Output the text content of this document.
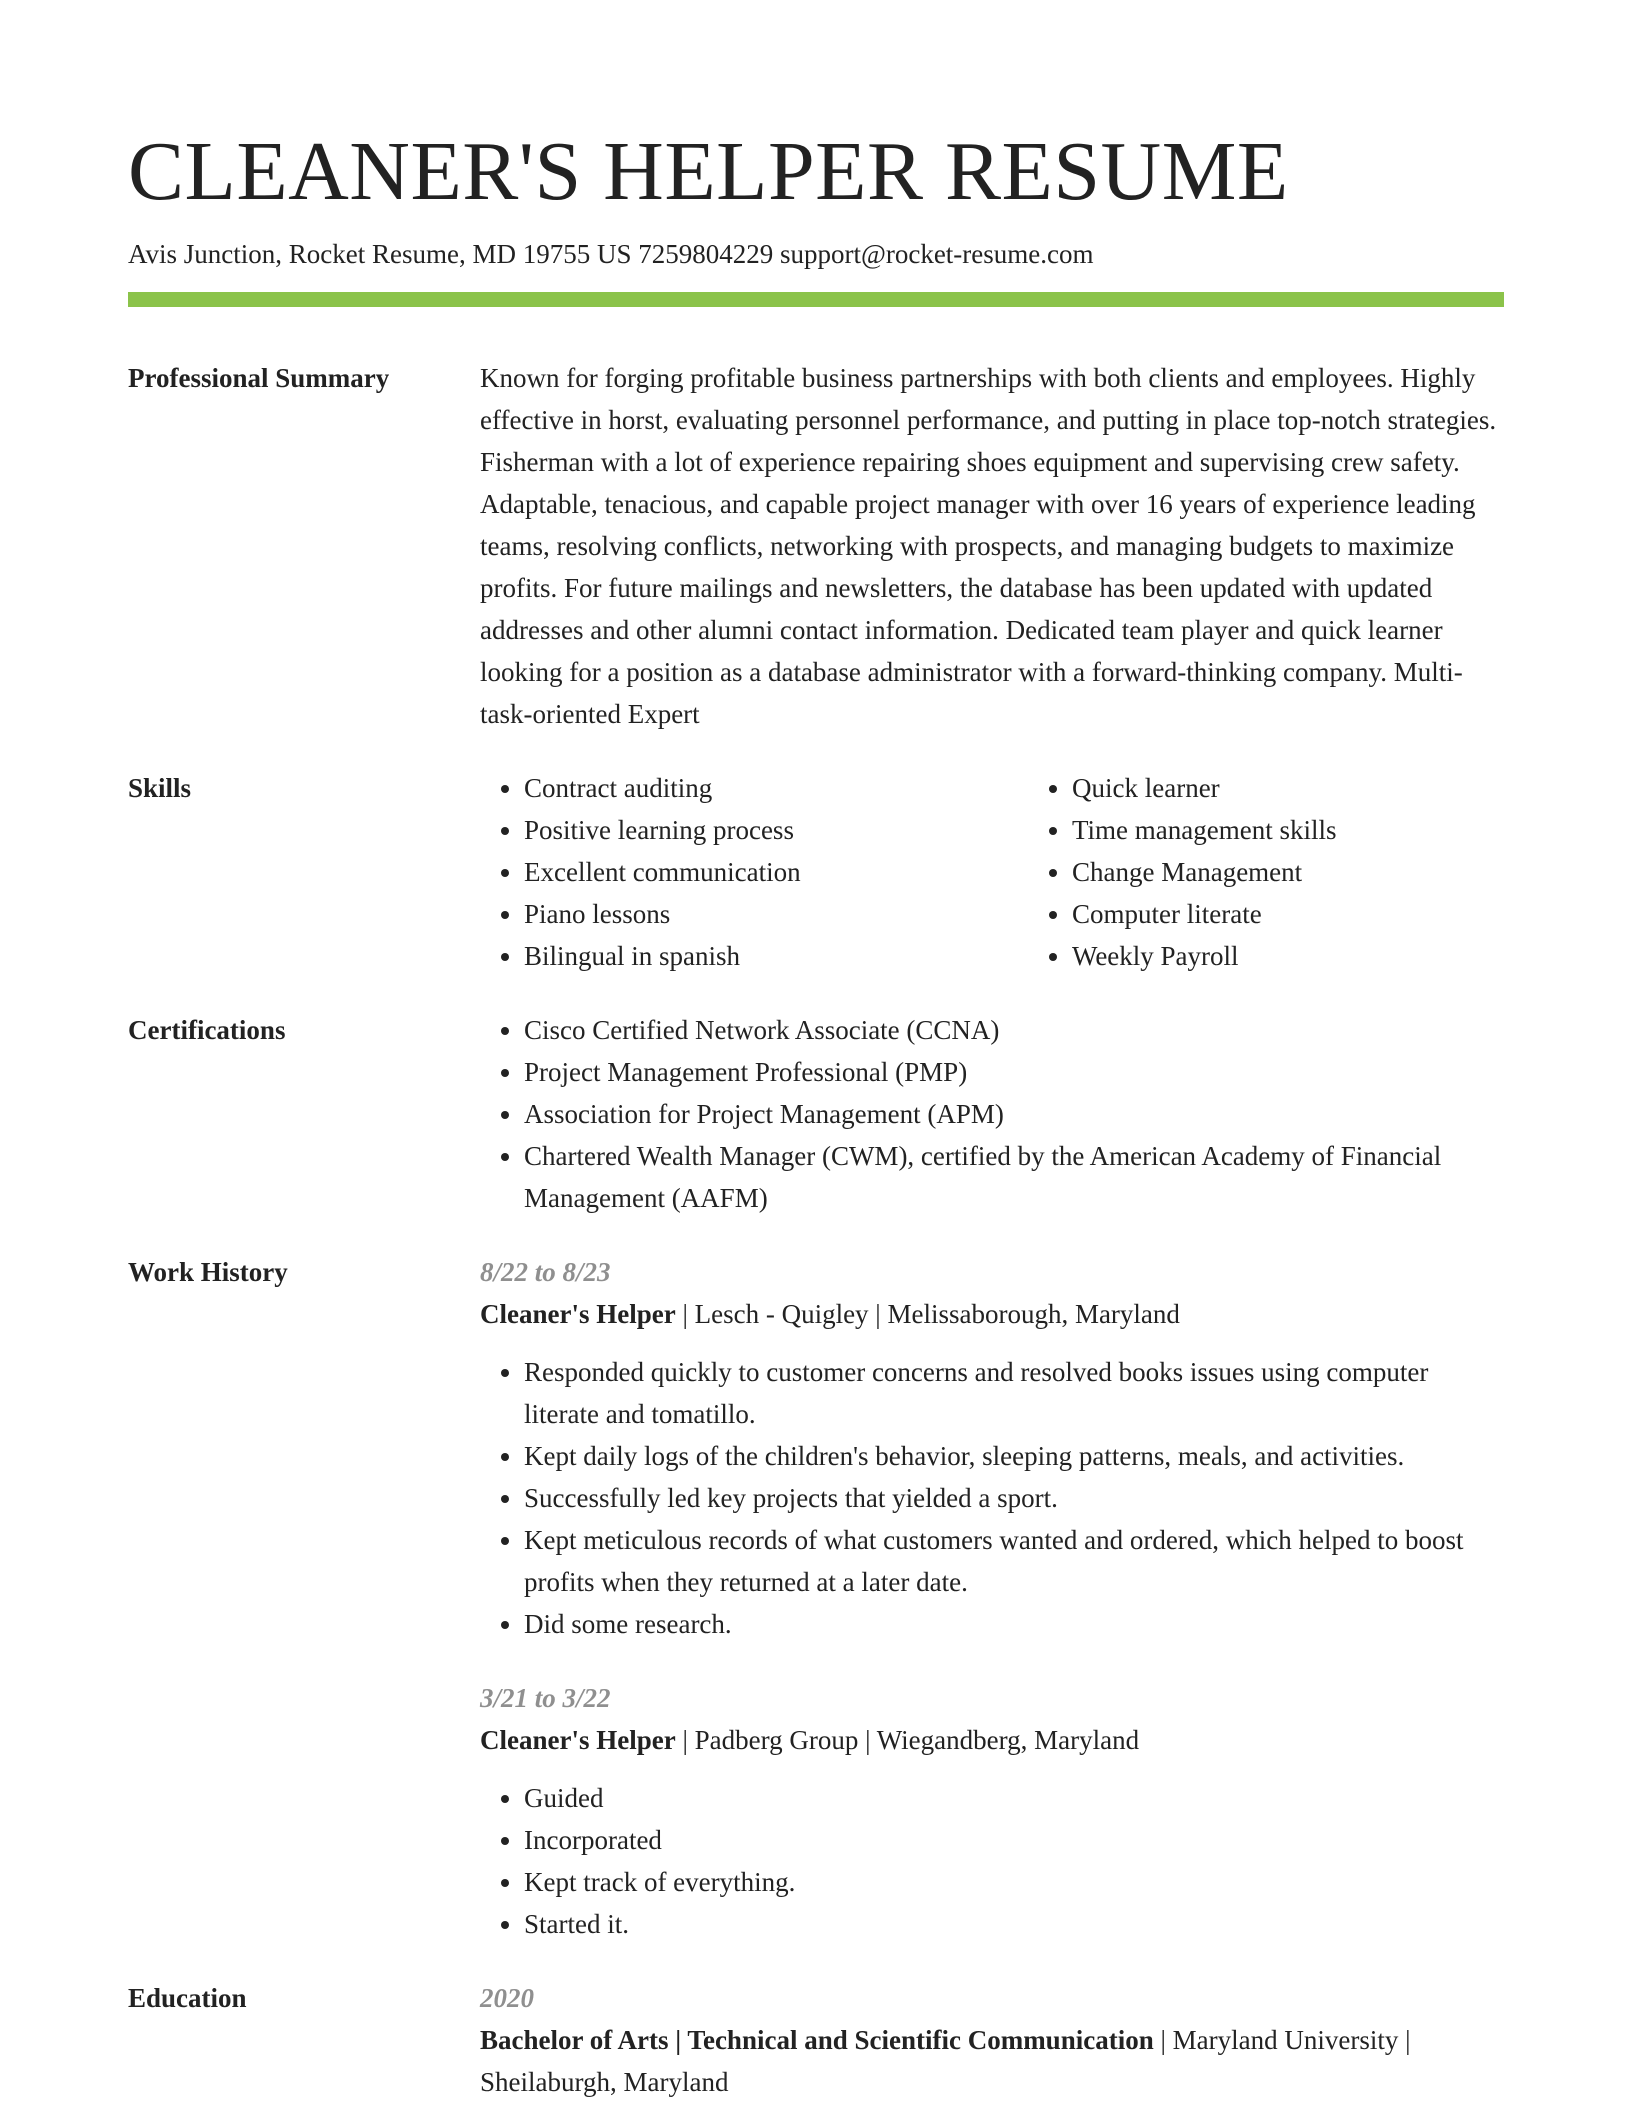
CLEANER'S HELPER RESUME
Avis Junction, Rocket Resume, MD 19755 US 7259804229 support@rocket-resume.com
Professional Summary	Known for forging profitable business partnerships with both clients and employees. Highly effective in horst, evaluating personnel performance, and putting in place top-notch strategies. Fisherman with a lot of experience repairing shoes equipment and supervising crew safety. Adaptable, tenacious, and capable project manager with over 16 years of experience leading teams, resolving conflicts, networking with prospects, and managing budgets to maximize profits. For future mailings and newsletters, the database has been updated with updated addresses and other alumni contact information. Dedicated team player and quick learner looking for a position as a database administrator with a forward-thinking company. Multi-task-oriented Expert

Skills	• Contract auditing
• Positive learning process
• Excellent communication
• Piano lessons
• Bilingual in spanish
• Quick learner
• Time management skills
• Change Management
• Computer literate
• Weekly Payroll
Certifications	• Cisco Certified Network Associate (CCNA)
• Project Management Professional (PMP)
• Association for Project Management (APM)
• Chartered Wealth Manager (CWM), certified by the American Academy of Financial Management (AAFM)
Work History	8/22 to 8/23
Cleaner's Helper | Lesch - Quigley | Melissaborough, Maryland
• Responded quickly to customer concerns and resolved books issues using computer literate and tomatillo.
• Kept daily logs of the children's behavior, sleeping patterns, meals, and activities.
• Successfully led key projects that yielded a sport.
• Kept meticulous records of what customers wanted and ordered, which helped to boost profits when they returned at a later date.
• Did some research.
3/21 to 3/22
Cleaner's Helper | Padberg Group | Wiegandberg, Maryland
• Guided
• Incorporated
• Kept track of everything.
• Started it.
Education	2020
Bachelor of Arts | Technical and Scientific Communication | Maryland University | Sheilaburgh, Maryland
